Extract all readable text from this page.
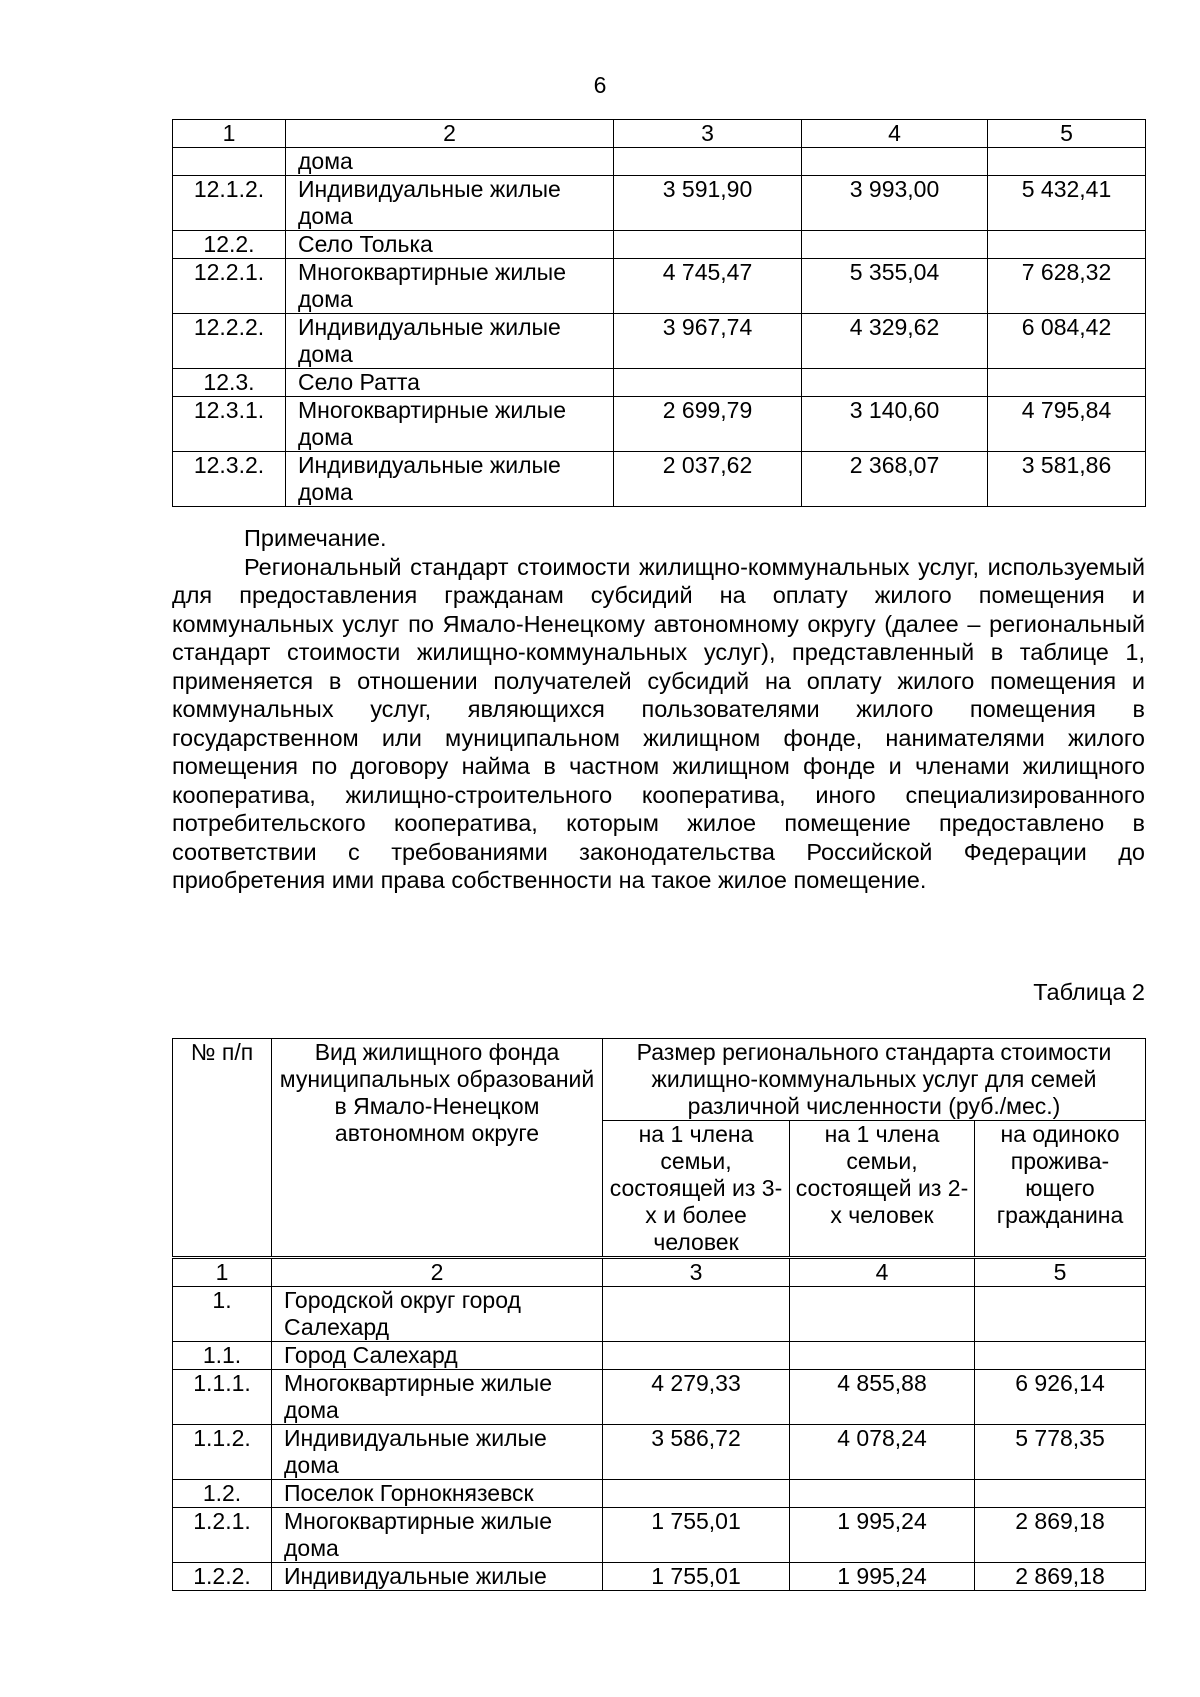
6
1	2	3	4	5
	дома			
12.1.2.	Индивидуальные жилые дома	3 591,90	3 993,00	5 432,41
12.2.	Село Толька			
12.2.1.	Многоквартирные жилые дома	4 745,47	5 355,04	7 628,32
12.2.2.	Индивидуальные жилые дома	3 967,74	4 329,62	6 084,42
12.3.	Село Ратта			
12.3.1.	Многоквартирные жилые дома	2 699,79	3 140,60	4 795,84
12.3.2.	Индивидуальные жилые дома	2 037,62	2 368,07	3 581,86

Примечание.

Региональный стандарт стоимости жилищно-коммунальных услуг, используемый для предоставления гражданам субсидий на оплату жилого помещения и коммунальных услуг по Ямало-Ненецкому автономному округу (далее – региональный стандарт стоимости жилищно-коммунальных услуг), представленный в таблице 1, применяется в отношении получателей субсидий на оплату жилого помещения и коммунальных услуг, являющихся пользователями жилого помещения в государственном или муниципальном жилищном фонде, нанимателями жилого помещения по договору найма в частном жилищном фонде и членами жилищного кооператива, жилищно-строительного кооператива, иного специализированного потребительского кооператива, которым жилое помещение предоставлено в соответствии с требованиями законодательства Российской Федерации до приобретения ими права собственности на такое жилое помещение.

Таблица 2
№ п/п	Вид жилищного фонда муниципальных образований в Ямало-Ненецком автономном округе	Размер регионального стандарта стоимости жилищно-коммунальных услуг для семей различной численности (руб./мес.)		
		на 1 члена семьи, состоящей из 3-х и более человек	на 1 члена семьи, состоящей из 2-х человек	на одиноко прожива-ющего гражданина
1	2	3	4	5
1.	Городской округ город Салехард			
1.1.	Город Салехард			
1.1.1.	Многоквартирные жилые дома	4 279,33	4 855,88	6 926,14
1.1.2.	Индивидуальные жилые дома	3 586,72	4 078,24	5 778,35
1.2.	Поселок Горнокнязевск			
1.2.1.	Многоквартирные жилые дома	1 755,01	1 995,24	2 869,18
1.2.2.	Индивидуальные жилые	1 755,01	1 995,24	2 869,18
